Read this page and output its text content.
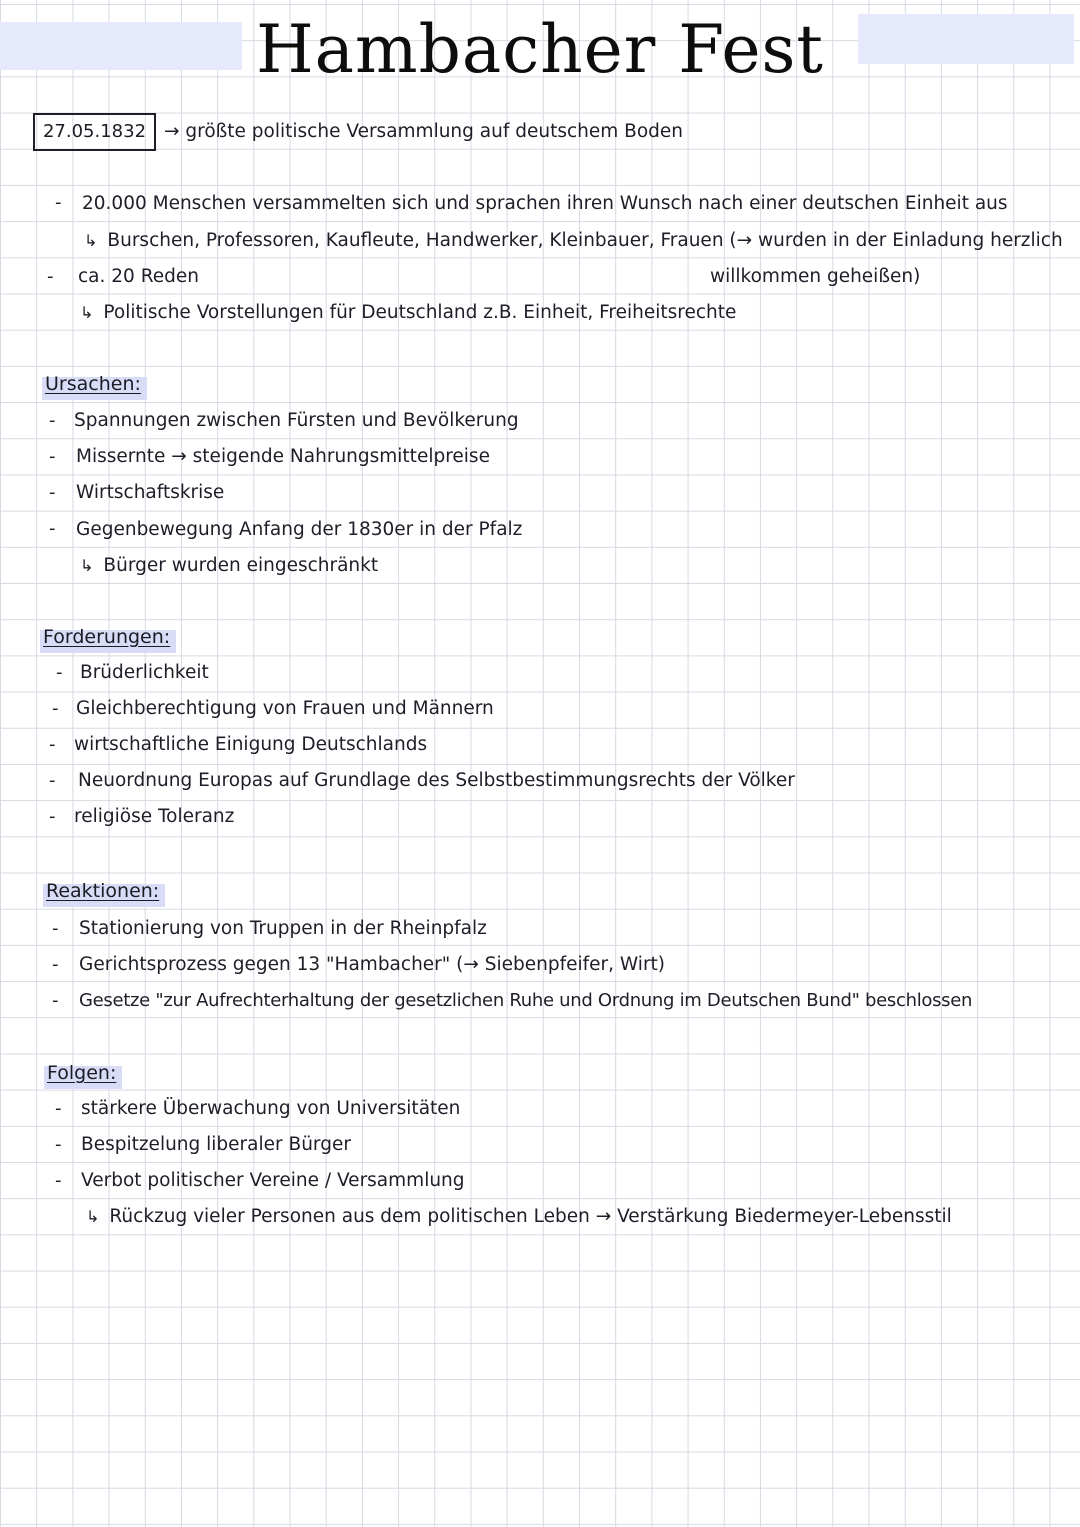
Hambacher Fest
27.05.1832 → größte politische Versammlung auf deutschem Boden
- 20.000 Menschen versammelten sich und sprachen ihren Wunsch nach einer deutschen Einheit aus
↳ Burschen, Professoren, Kaufleute, Handwerker, Kleinbauer, Frauen (→ wurden in der Einladung herzlich
- ca. 20 Reden	willkommen geheißen)
↳ Politische Vorstellungen für Deutschland z.B. Einheit, Freiheitsrechte
Ursachen:
- Spannungen zwischen Fürsten und Bevölkerung
- Missernte → steigende Nahrungsmittelpreise
- Wirtschaftskrise
- Gegenbewegung Anfang der 1830er in der Pfalz
↳ Bürger wurden eingeschränkt
Forderungen:
- Brüderlichkeit
- Gleichberechtigung von Frauen und Männern
- wirtschaftliche Einigung Deutschlands
- Neuordnung Europas auf Grundlage des Selbstbestimmungsrechts der Völker
- religiöse Toleranz
Reaktionen:
- Stationierung von Truppen in der Rheinpfalz
- Gerichtsprozess gegen 13 "Hambacher" (→ Siebenpfeifer, Wirt)
- Gesetze "zur Aufrechterhaltung der gesetzlichen Ruhe und Ordnung im Deutschen Bund" beschlossen
Folgen:
- stärkere Überwachung von Universitäten
- Bespitzelung liberaler Bürger
- Verbot politischer Vereine / Versammlung
↳ Rückzug vieler Personen aus dem politischen Leben → Verstärkung Biedermeyer-Lebensstil
